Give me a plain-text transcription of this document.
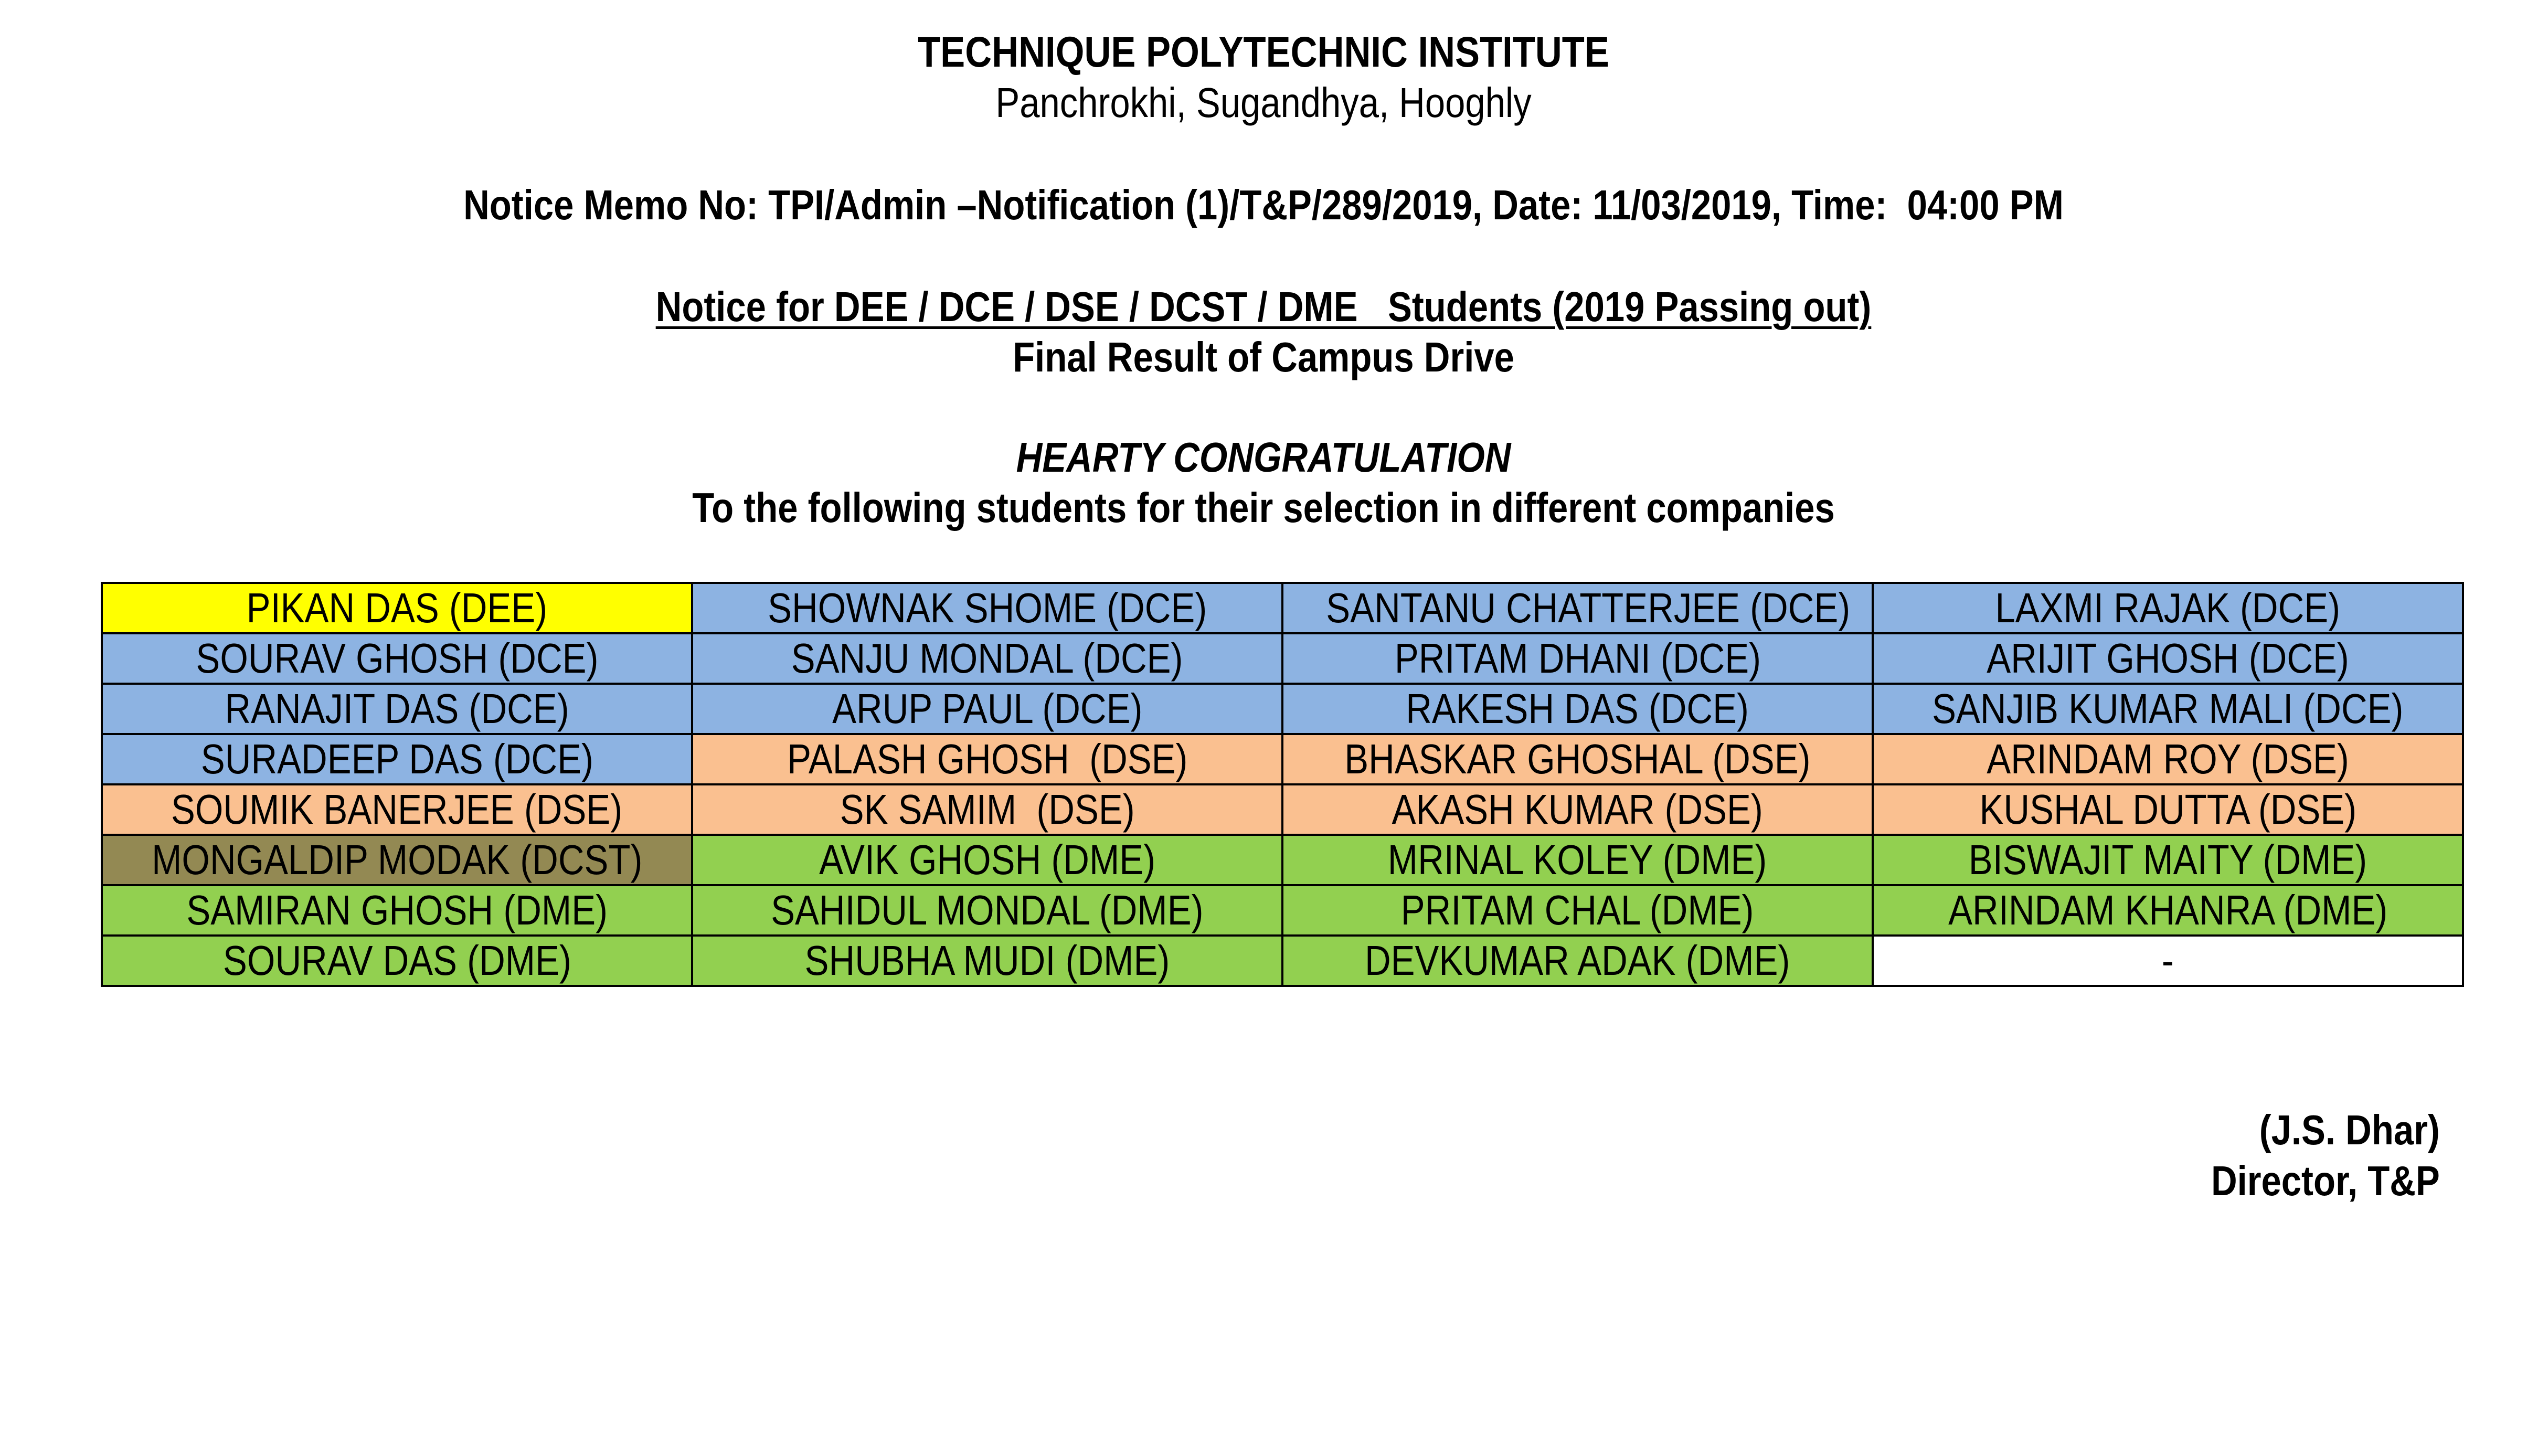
TECHNIQUE POLYTECHNIC INSTITUTE
Panchrokhi, Sugandhya, Hooghly
Notice Memo No: TPI/Admin –Notification (1)/T&P/289/2019, Date: 11/03/2019, Time:  04:00 PM
Notice for DEE / DCE / DSE / DCST / DME   Students (2019 Passing out)
Final Result of Campus Drive
HEARTY CONGRATULATION
To the following students for their selection in different companies
PIKAN DAS (DEE)	SHOWNAK SHOME (DCE)	SANTANU CHATTERJEE (DCE)	LAXMI RAJAK (DCE)
SOURAV GHOSH (DCE)	SANJU MONDAL (DCE)	PRITAM DHANI (DCE)	ARIJIT GHOSH (DCE)
RANAJIT DAS (DCE)	ARUP PAUL (DCE)	RAKESH DAS (DCE)	SANJIB KUMAR MALI (DCE)
SURADEEP DAS (DCE)	PALASH GHOSH  (DSE)	BHASKAR GHOSHAL (DSE)	ARINDAM ROY (DSE)
SOUMIK BANERJEE (DSE)	SK SAMIM  (DSE)	AKASH KUMAR (DSE)	KUSHAL DUTTA (DSE)
MONGALDIP MODAK (DCST)	AVIK GHOSH (DME)	MRINAL KOLEY (DME)	BISWAJIT MAITY (DME)
SAMIRAN GHOSH (DME)	SAHIDUL MONDAL (DME)	PRITAM CHAL (DME)	ARINDAM KHANRA (DME)
SOURAV DAS (DME)	SHUBHA MUDI (DME)	DEVKUMAR ADAK (DME)	-
(J.S. Dhar)
Director, T&P
